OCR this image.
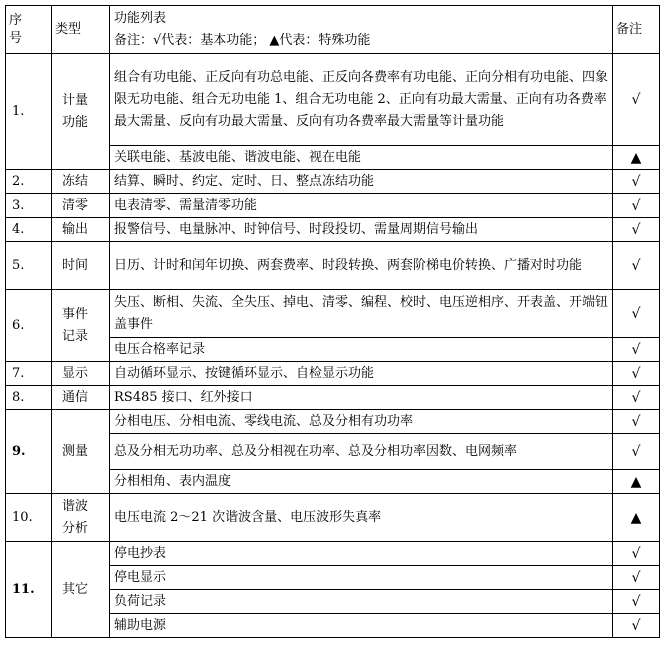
序号	类型	功能列表
备注：√代表：基本功能； ▲代表：特殊功能	备注
1.	计量功能	组合有功电能、正反向有功总电能、正反向各费率有功电能、正向分相有功电能、四象限无功电能、组合无功电能 1、组合无功电能 2、正向有功最大需量、正向有功各费率最大需量、反向有功最大需量、反向有功各费率最大需量等计量功能	√
		关联电能、基波电能、谐波电能、视在电能	▲
2.	冻结	结算、瞬时、约定、定时、日、整点冻结功能	√
3.	清零	电表清零、需量清零功能	√
4.	输出	报警信号、电量脉冲、时钟信号、时段投切、需量周期信号输出	√
5.	时间	日历、计时和闰年切换、两套费率、时段转换、两套阶梯电价转换、广播对时功能	√
6.	事件记录	失压、断相、失流、全失压、掉电、清零、编程、校时、电压逆相序、开表盖、开端钮盖事件	√
		电压合格率记录	√
7.	显示	自动循环显示、按键循环显示、自检显示功能	√
8.	通信	RS485 接口、红外接口	√
9.	测量	分相电压、分相电流、零线电流、总及分相有功功率	√
		总及分相无功功率、总及分相视在功率、总及分相功率因数、电网频率	√
		分相相角、表内温度	▲
10.	谐波分析	电压电流 2～21 次谐波含量、电压波形失真率	▲
11.	其它	停电抄表	√
		停电显示	√
		负荷记录	√
		辅助电源	√
